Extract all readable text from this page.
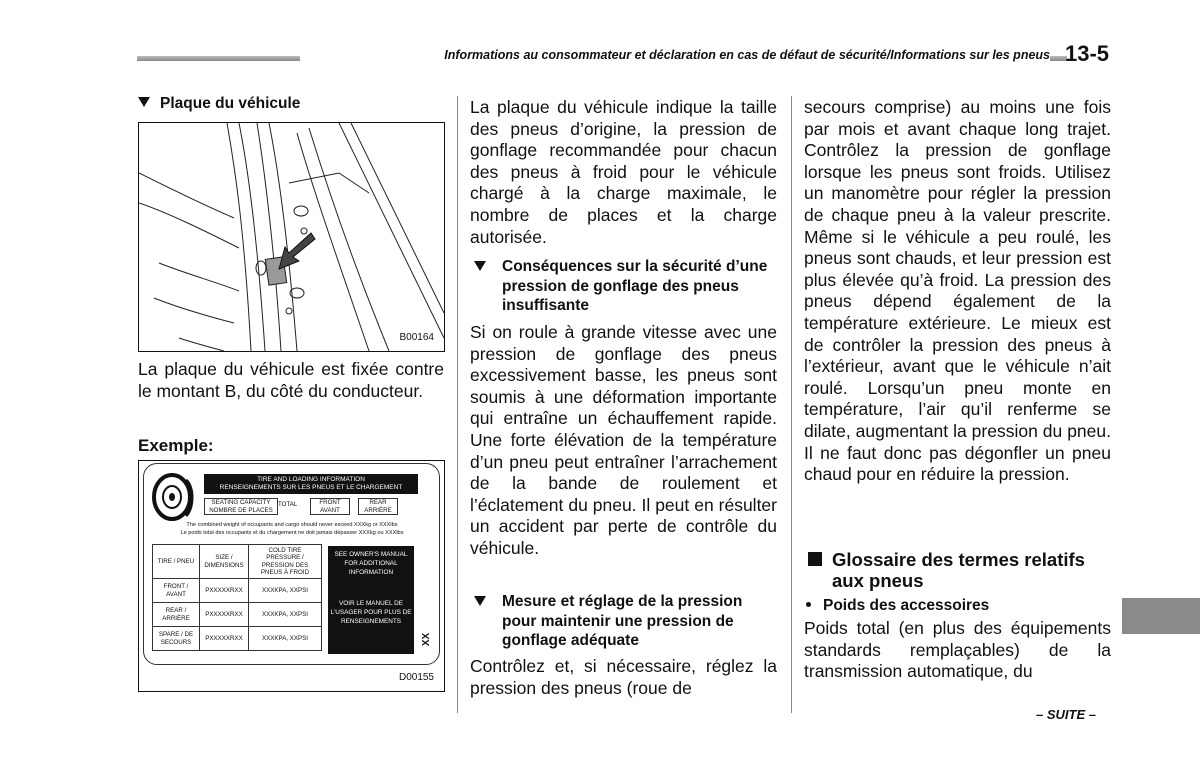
Informations au consommateur et déclaration en cas de défaut de sécurité/Informations sur les pneus 13-5
Plaque du véhicule
B00164
La plaque du véhicule est fixée contre le montant B, du côté du conducteur.
Exemple:
TIRE AND LOADING INFORMATION
RENSEIGNEMENTS SUR LES PNEUS ET LE CHARGEMENT
SEATING CAPACITY
NOMBRE DE PLACES
TOTAL	FRONT
AVANT
REAR
ARRIÈRE
The combined weight of occupants and cargo should never exceed XXXkg or XXXlbs
Le poids total des occupants et du chargement ne doit jamais dépasser XXXkg ou XXXlbs
TIRE / PNEU	SIZE / DIMENSIONS	COLD TIRE PRESSURE / PRESSION DES PNEUS À FROID
FRONT / AVANT	PXXXXXRXX	XXXKPA, XXPSI
REAR / ARRIÈRE	PXXXXXRXX	XXXKPA, XXPSI
SPARE / DE SECOURS	PXXXXXRXX	XXXKPA, XXPSI
SEE OWNER'S MANUAL FOR ADDITIONAL INFORMATION
VOIR LE MANUEL DE L'USAGER POUR PLUS DE RENSEIGNEMENTS
XX
D00155
La plaque du véhicule indique la taille des pneus d’origine, la pression de gonflage recommandée pour chacun des pneus à froid pour le véhicule chargé à la charge maximale, le nombre de places et la charge autorisée.
Conséquences sur la sécurité d’une pression de gonflage des pneus insuffisante
Si on roule à grande vitesse avec une pression de gonflage des pneus excessivement basse, les pneus sont soumis à une déformation importante qui entraîne un échauffement rapide. Une forte élévation de la température d’un pneu peut entraîner l’arrachement de la bande de roulement et l’éclatement du pneu. Il peut en résulter un accident par perte de contrôle du véhicule.
Mesure et réglage de la pression pour maintenir une pression de gonflage adéquate
Contrôlez et, si nécessaire, réglez la pression des pneus (roue de
secours comprise) au moins une fois par mois et avant chaque long trajet. Contrôlez la pression de gonflage lorsque les pneus sont froids. Utilisez un manomètre pour régler la pression de chaque pneu à la valeur prescrite. Même si le véhicule a peu roulé, les pneus sont chauds, et leur pression est plus élevée qu’à froid. La pression des pneus dépend également de la température extérieure. Le mieux est de contrôler la pression des pneus à l’extérieur, avant que le véhicule n’ait roulé. Lorsqu’un pneu monte en température, l’air qu’il renferme se dilate, augmentant la pression du pneu. Il ne faut donc pas dégonfler un pneu chaud pour en réduire la pression.
Glossaire des termes relatifs aux pneus
Poids des accessoires
Poids total (en plus des équipements standards remplaçables) de la transmission automatique, du
– SUITE –
